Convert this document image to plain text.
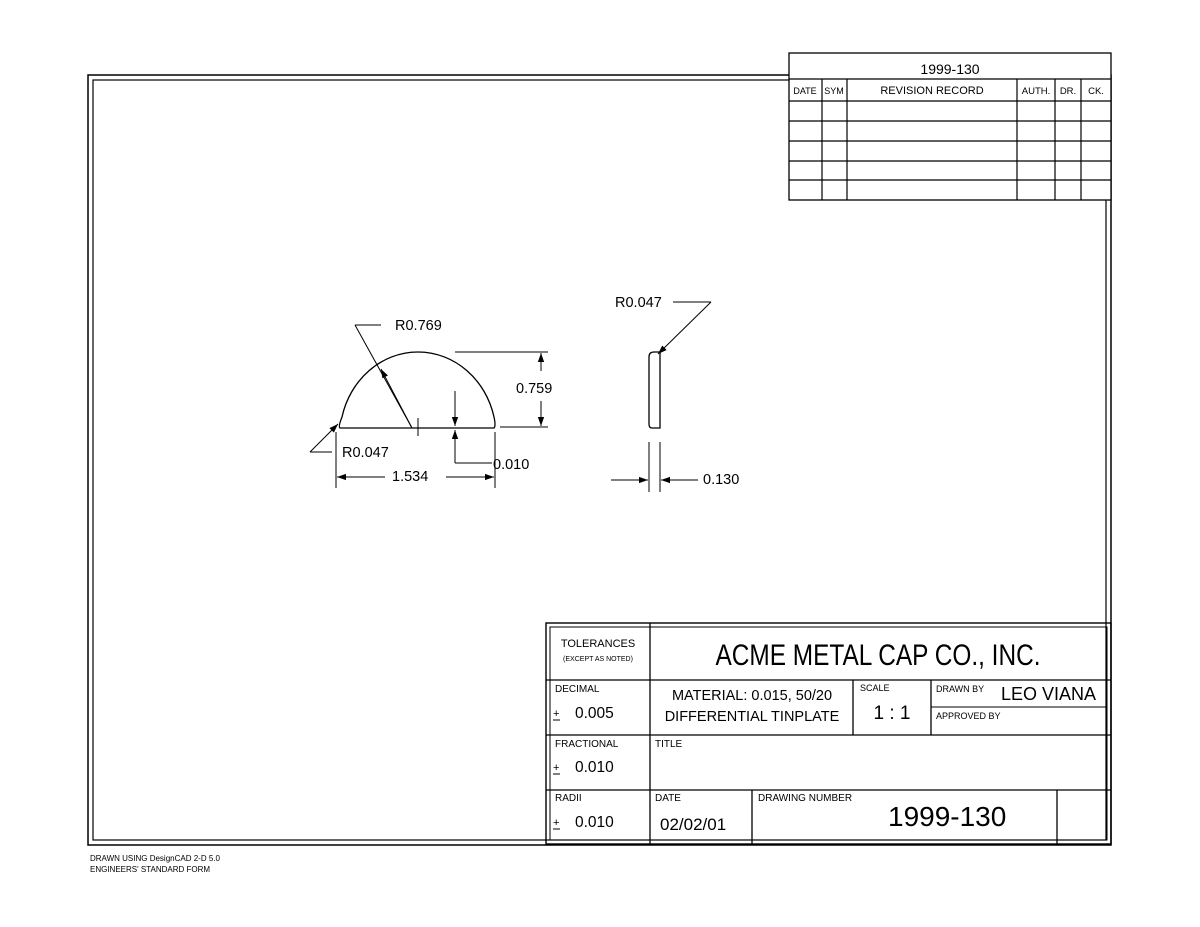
1999-130
DATE SYM	REVISION RECORD	AUTH. DR. CK.
R0.769
R0.047
0.759
1.534
0.010
R0.047
0.130
TOLERANCES
(EXCEPT AS NOTED)
DECIMAL
+ 0.005
FRACTIONAL
+ 0.010
RADII
+ 0.010
ACME METAL CAP CO., INC.
MATERIAL: 0.015, 50/20
DIFFERENTIAL TINPLATE
SCALE
1 : 1
DRAWN BY LEO VIANA
APPROVED BY
TITLE
DATE
02/02/01
DRAWING NUMBER
1999-130
DRAWN USING DesignCAD 2-D 5.0
ENGINEERS' STANDARD FORM
